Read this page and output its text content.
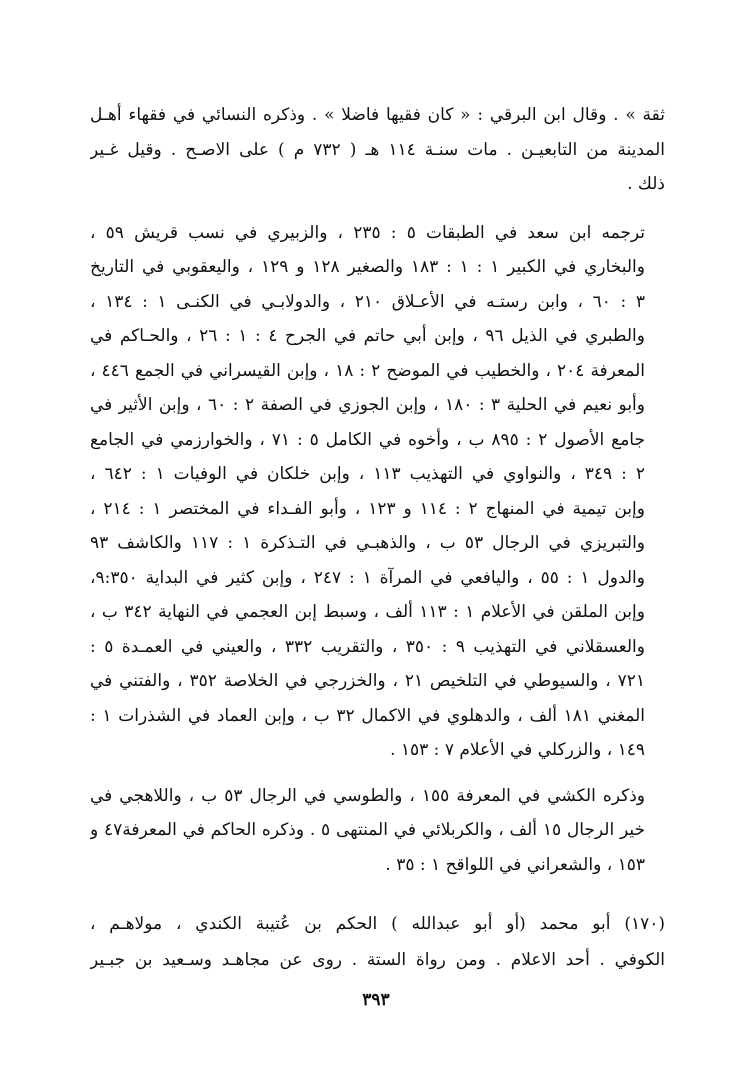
ثقة » . وقال ابن البرقي : « كان فقيها فاضلا » . وذكره النسائي في فقهاء أهـل
المدينة من التابعيـن . مات سنـة ١١٤ هـ ( ٧٣٢ م ) على الاصـح . وقيل غـير
ذلك .

ترجمه ابن سعد في الطبقات ٥ : ٢٣٥ ، والزبيري في نسب قريش ٥٩ ،
والبخاري في الكبير ١ : ١ : ١٨٣ والصغير ١٢٨ و ١٢٩ ، واليعقوبي في التاريخ
٣ : ٦٠ ، وابن رستـه في الأعـلاق ٢١٠ ، والدولابـي في الكنـى ١ : ١٣٤ ،
والطبري في الذيل ٩٦ ، وإبن أبي حاتم في الجرح ٤ : ١ : ٢٦ ، والحـاكم في
المعرفة ٢٠٤ ، والخطيب في الموضح ٢ : ١٨ ، وإبن القيسراني في الجمع ٤٤٦ ،
وأبو نعيم في الحلية ٣ : ١٨٠ ، وإبن الجوزي في الصفة ٢ : ٦٠ ، وإبن الأثير في
جامع الأصول ٢ : ٨٩٥ ب ، وأخوه في الكامل ٥ : ٧١ ، والخوارزمي في الجامع
٢ : ٣٤٩ ، والنواوي في التهذيب ١١٣ ، وإبن خلكان في الوفيات ١ : ٦٤٢ ،
وإبن تيمية في المنهاج ٢ : ١١٤ و ١٢٣ ، وأبو الفـداء في المختصر ١ : ٢١٤ ،
والتبريزي في الرجال ٥٣ ب ، والذهبـي في التـذكرة ١ : ١١٧ والكاشف ٩٣
والدول ١ : ٥٥ ، واليافعي في المرآة ١ : ٢٤٧ ، وإبن كثير في البداية ٩:٣٥٠،
وإبن الملقن في الأعلام ١ : ١١٣ ألف ، وسبط إبن العجمي في النهاية ٣٤٢ ب ،
والعسقلاني في التهذيب ٩ : ٣٥٠ ، والتقريب ٣٣٢ ، والعيني في العمـدة ٥ :
٧٢١ ، والسيوطي في التلخيص ٢١ ، والخزرجي في الخلاصة ٣٥٢ ، والفتني في
المغني ١٨١ ألف ، والدهلوي في الاكمال ٣٢ ب ، وإبن العماد في الشذرات ١ :
١٤٩ ، والزركلي في الأعلام ٧ : ١٥٣ .

وذكره الكشي في المعرفة ١٥٥ ، والطوسي في الرجال ٥٣ ب ، واللاهجي في
خير الرجال ١٥ ألف ، والكربلائي في المنتهى ٥ . وذكره الحاكم في المعرفة٤٧ و
١٥٣ ، والشعراني في اللواقح ١ : ٣٥ .

(١٧٠) أبو محمد (أو أبو عبدالله ) الحكم بن عُتيبة الكندي ، مولاهـم ،
الكوفي . أحد الاعلام . ومن رواة الستة . روى عن مجاهـد وسـعيد بن جبـير

٣٩٣
